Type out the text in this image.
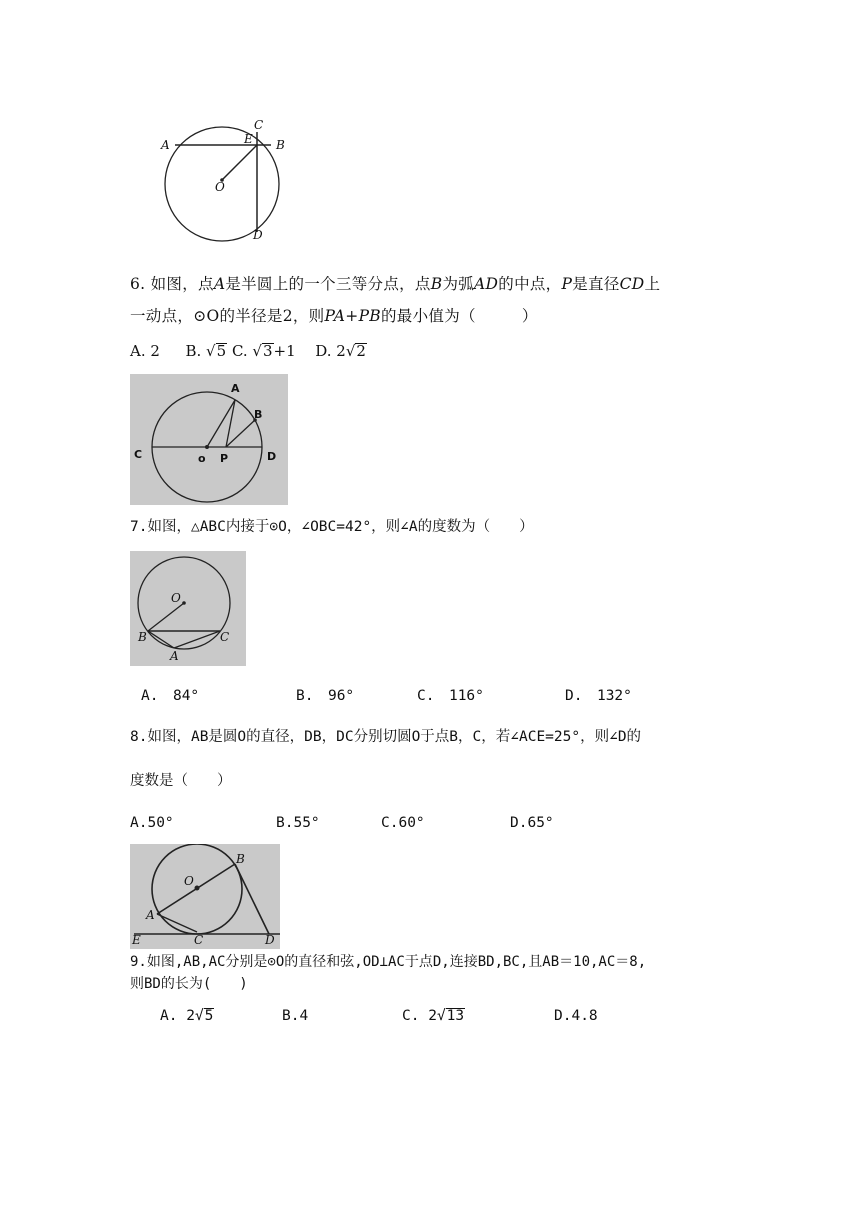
A
C
E B
O
D
6. 如图，点A是半圆上的一个三等分点，点B为弧AD的中点，P是直径CD上
一动点，⊙O的半径是2，则PA+PB的最小值为（	）
A. 2 B. √5 C. √3+1 D. 2√2
A
B
C	o P	D
7.如图，△ABC内接于⊙O，∠OBC=42°，则∠A的度数为（　　）
O
B	C
A
A.　84°	B.　96°	C.　116°	D.　132°
8.如图，AB是圆O的直径，DB，DC分别切圆O于点B，C，若∠ACE=25°，则∠D的
度数是（　　）
A.50°	B.55°	C.60°	D.65°
O
B
A
E	C	D
9.如图,AB,AC分别是⊙O的直径和弦,OD⊥AC于点D,连接BD,BC,且AB＝10,AC＝8,
则BD的长为(　　)
A. 2√5	B.4	C. 2√13	D.4.8
